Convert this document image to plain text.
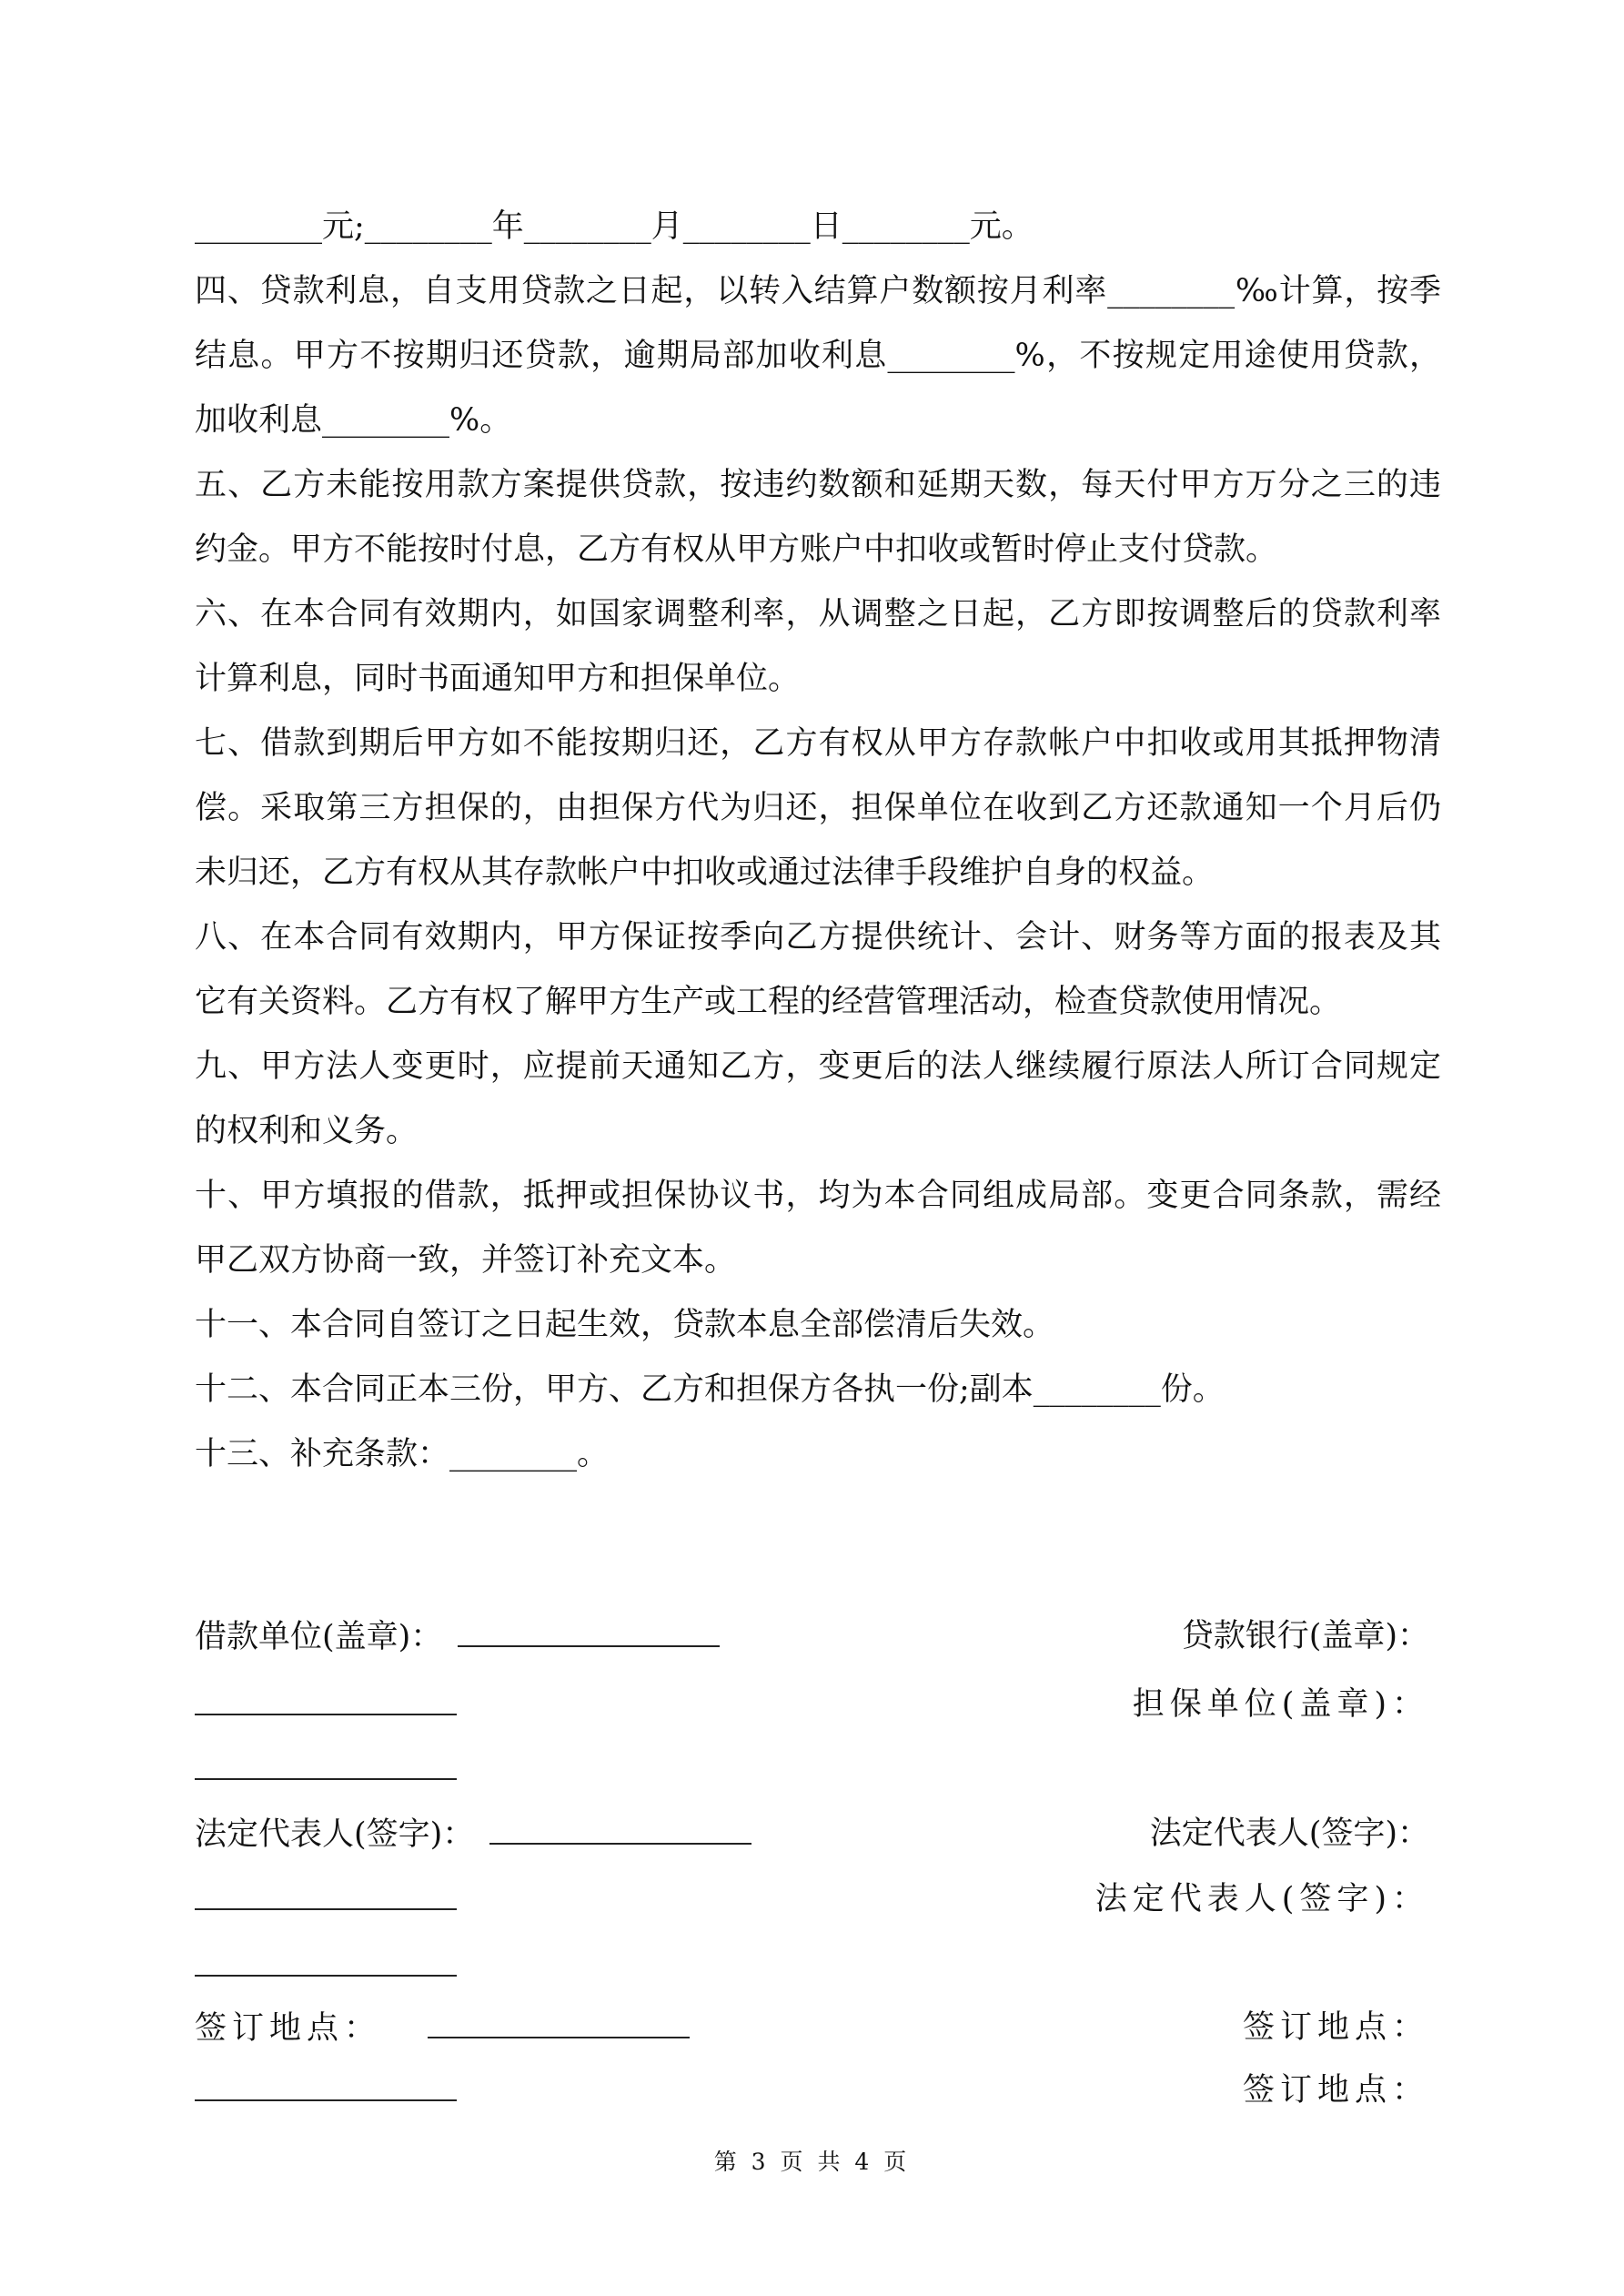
________元;________年________月________日________元。
四、贷款利息，自支用贷款之日起，以转入结算户数额按月利率________‰计算，按季
结息。甲方不按期归还贷款，逾期局部加收利息________%，不按规定用途使用贷款，
加收利息________%。
五、乙方未能按用款方案提供贷款，按违约数额和延期天数，每天付甲方万分之三的违
约金。甲方不能按时付息，乙方有权从甲方账户中扣收或暂时停止支付贷款。
六、在本合同有效期内，如国家调整利率，从调整之日起，乙方即按调整后的贷款利率
计算利息，同时书面通知甲方和担保单位。
七、借款到期后甲方如不能按期归还，乙方有权从甲方存款帐户中扣收或用其抵押物清
偿。采取第三方担保的，由担保方代为归还，担保单位在收到乙方还款通知一个月后仍
未归还，乙方有权从其存款帐户中扣收或通过法律手段维护自身的权益。
八、在本合同有效期内，甲方保证按季向乙方提供统计、会计、财务等方面的报表及其
它有关资料。乙方有权了解甲方生产或工程的经营管理活动，检查贷款使用情况。
九、甲方法人变更时，应提前天通知乙方，变更后的法人继续履行原法人所订合同规定
的权利和义务。
十、甲方填报的借款，抵押或担保协议书，均为本合同组成局部。变更合同条款，需经
甲乙双方协商一致，并签订补充文本。
十一、本合同自签订之日起生效，贷款本息全部偿清后失效。
十二、本合同正本三份，甲方、乙方和担保方各执一份;副本________份。
十三、补充条款：________。
借款单位(盖章)：	贷款银行(盖章)：
担保单位(盖章)：
法定代表人(签字)：	法定代表人(签字)：
法定代表人(签字)：
签订地点：	签订地点：
签订地点：
第 3 页 共 4 页
